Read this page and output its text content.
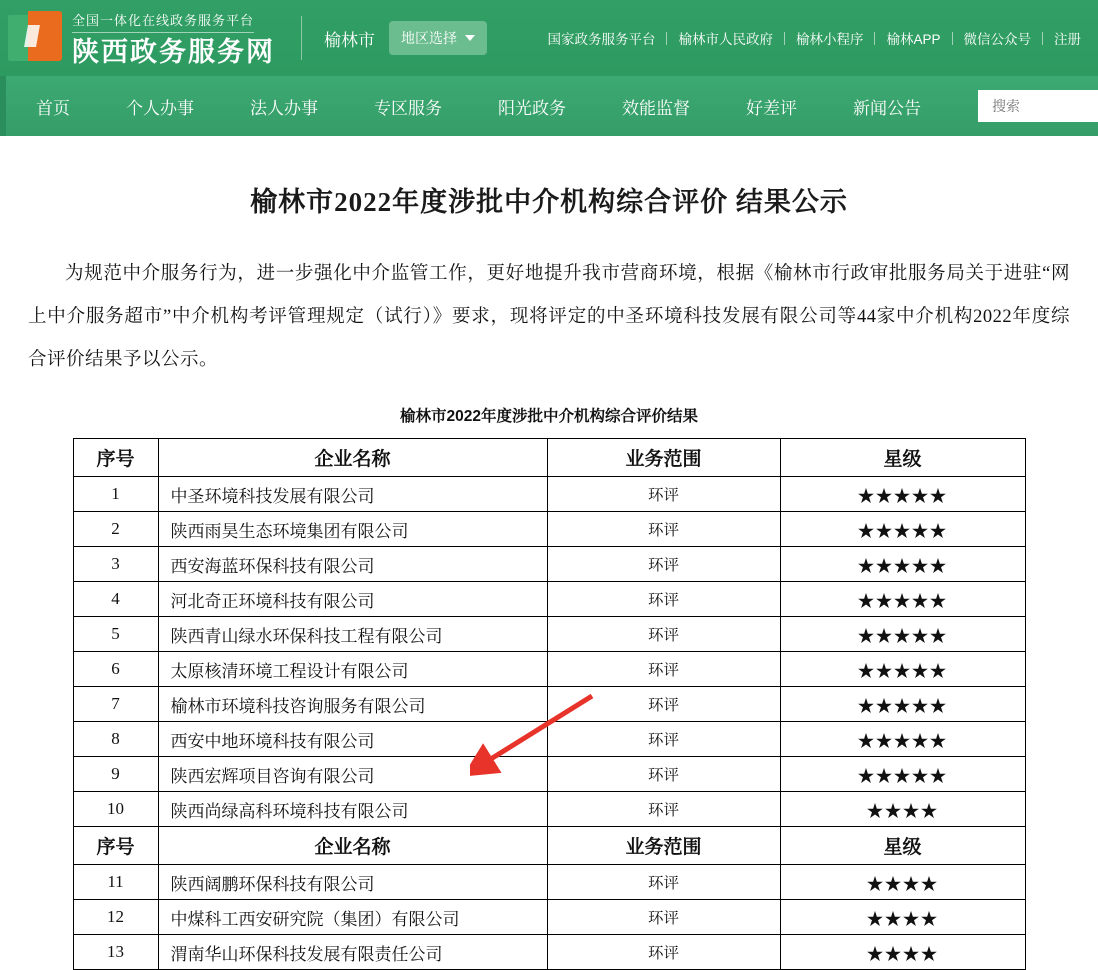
全国一体化在线政务服务平台
陕西政务服务网	榆林市 地区选择	国家政务服务平台	榆林市人民政府	榆林小程序	榆林APP	微信公众号	注册
首页	个人办事	法人办事	专区服务	阳光政务	效能监督	好差评	新闻公告
搜索
榆林市2022年度涉批中介机构综合评价 结果公示

为规范中介服务行为，进一步强化中介监管工作，更好地提升我市营商环境，根据《榆林市行政审批服务局关于进驻“网上中介服务超市”中介机构考评管理规定（试行）》要求，现将评定的中圣环境科技发展有限公司等44家中介机构2022年度综合评价结果予以公示。

榆林市2022年度涉批中介机构综合评价结果
序号	企业名称	业务范围	星级
1	中圣环境科技发展有限公司	环评	★★★★★
2	陕西雨昊生态环境集团有限公司	环评	★★★★★
3	西安海蓝环保科技有限公司	环评	★★★★★
4	河北奇正环境科技有限公司	环评	★★★★★
5	陕西青山绿水环保科技工程有限公司	环评	★★★★★
6	太原核清环境工程设计有限公司	环评	★★★★★
7	榆林市环境科技咨询服务有限公司	环评	★★★★★
8	西安中地环境科技有限公司	环评	★★★★★
9	陕西宏辉项目咨询有限公司	环评	★★★★★
10	陕西尚绿高科环境科技有限公司	环评	★★★★
序号	企业名称	业务范围	星级
11	陕西阔鹏环保科技有限公司	环评	★★★★
12	中煤科工西安研究院（集团）有限公司	环评	★★★★
13	渭南华山环保科技发展有限责任公司	环评	★★★★
